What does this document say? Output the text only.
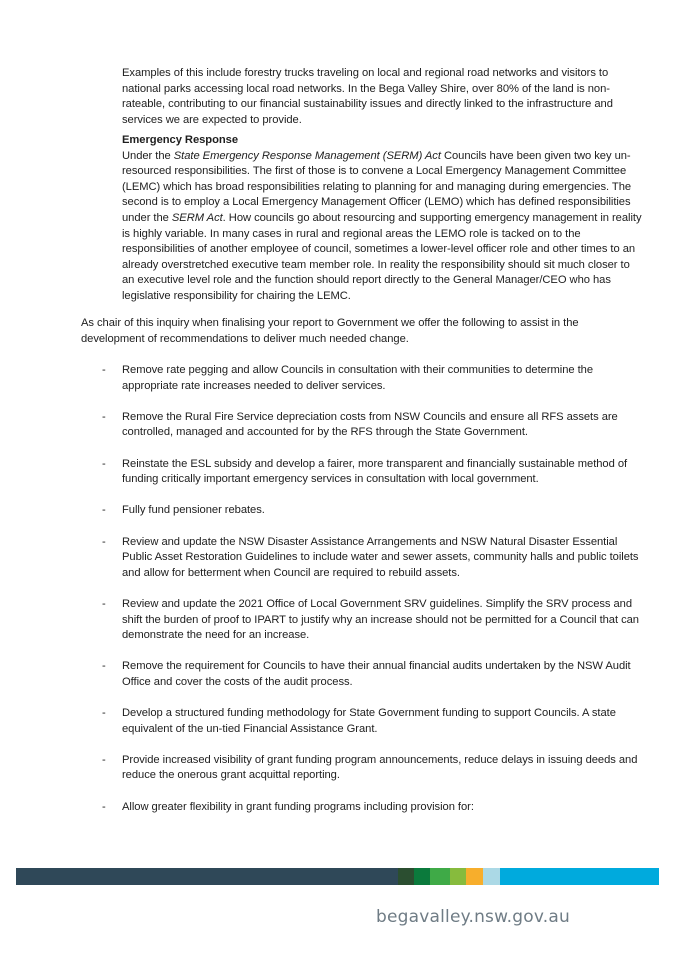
Examples of this include forestry trucks traveling on local and regional road networks and visitors to national parks accessing local road networks. In the Bega Valley Shire, over 80% of the land is non-rateable, contributing to our financial sustainability issues and directly linked to the infrastructure and services we are expected to provide.

Emergency Response

Under the State Emergency Response Management (SERM) Act Councils have been given two key un-resourced responsibilities. The first of those is to convene a Local Emergency Management Committee (LEMC) which has broad responsibilities relating to planning for and managing during emergencies. The second is to employ a Local Emergency Management Officer (LEMO) which has defined responsibilities under the SERM Act. How councils go about resourcing and supporting emergency management in reality is highly variable. In many cases in rural and regional areas the LEMO role is tacked on to the responsibilities of another employee of council, sometimes a lower-level officer role and other times to an already overstretched executive team member role. In reality the responsibility should sit much closer to an executive level role and the function should report directly to the General Manager/CEO who has legislative responsibility for chairing the LEMC.

As chair of this inquiry when finalising your report to Government we offer the following to assist in the development of recommendations to deliver much needed change.

- Remove rate pegging and allow Councils in consultation with their communities to determine the appropriate rate increases needed to deliver services.
- Remove the Rural Fire Service depreciation costs from NSW Councils and ensure all RFS assets are controlled, managed and accounted for by the RFS through the State Government.
- Reinstate the ESL subsidy and develop a fairer, more transparent and financially sustainable method of funding critically important emergency services in consultation with local government.
- Fully fund pensioner rebates.
- Review and update the NSW Disaster Assistance Arrangements and NSW Natural Disaster Essential Public Asset Restoration Guidelines to include water and sewer assets, community halls and public toilets and allow for betterment when Council are required to rebuild assets.
- Review and update the 2021 Office of Local Government SRV guidelines. Simplify the SRV process and shift the burden of proof to IPART to justify why an increase should not be permitted for a Council that can demonstrate the need for an increase.
- Remove the requirement for Councils to have their annual financial audits undertaken by the NSW Audit Office and cover the costs of the audit process.
- Develop a structured funding methodology for State Government funding to support Councils. A state equivalent of the un-tied Financial Assistance Grant.
- Provide increased visibility of grant funding program announcements, reduce delays in issuing deeds and reduce the onerous grant acquittal reporting.
- Allow greater flexibility in grant funding programs including provision for:
begavalley.nsw.gov.au
